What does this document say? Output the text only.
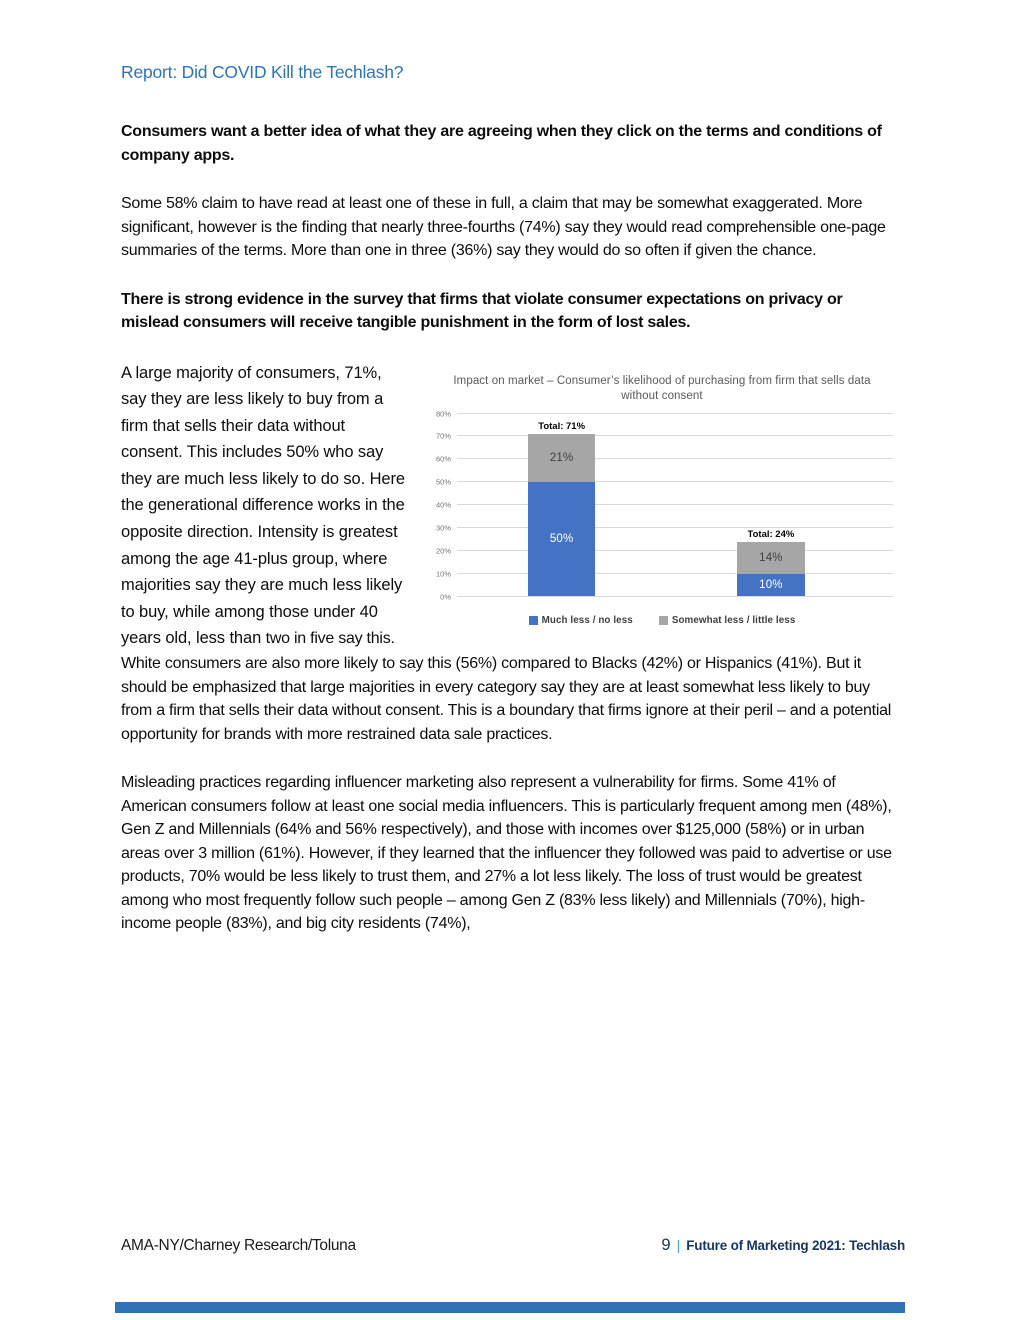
Report: Did COVID Kill the Techlash?

Consumers want a better idea of what they are agreeing when they click on the terms and conditions of company apps.

Some 58% claim to have read at least one of these in full, a claim that may be somewhat exaggerated. More significant, however is the finding that nearly three-fourths (74%) say they would read comprehensible one-page summaries of the terms. More than one in three (36%) say they would do so often if given the chance.

There is strong evidence in the survey that firms that violate consumer expectations on privacy or mislead consumers will receive tangible punishment in the form of lost sales.

Impact on market – Consumer’s likelihood of purchasing from firm that sells data without consent
0%
10%
20%
30%
40%
50%
60%
70%
80%
21%
50%
Total: 71%
14%
10%
Total: 24%
Much less / no less	Somewhat less / little less

A large majority of consumers, 71%, say they are less likely to buy from a firm that sells their data without consent. This includes 50% who say they are much less likely to do so. Here the generational difference works in the opposite direction. Intensity is greatest among the age 41-plus group, where majorities say they are much less likely to buy, while among those under 40 years old, less than two in five say this. White consumers are also more likely to say this (56%) compared to Blacks (42%) or Hispanics (41%). But it should be emphasized that large majorities in every category say they are at least somewhat less likely to buy from a firm that sells their data without consent. This is a boundary that firms ignore at their peril – and a potential opportunity for brands with more restrained data sale practices.

Misleading practices regarding influencer marketing also represent a vulnerability for firms. Some 41% of American consumers follow at least one social media influencers. This is particularly frequent among men (48%), Gen Z and Millennials (64% and 56% respectively), and those with incomes over $125,000 (58%) or in urban areas over 3 million (61%). However, if they learned that the influencer they followed was paid to advertise or use products, 70% would be less likely to trust them, and 27% a lot less likely. The loss of trust would be greatest among who most frequently follow such people – among Gen Z (83% less likely) and Millennials (70%), high-income people (83%), and big city residents (74%),

AMA-NY/Charney Research/Toluna	9 | Future of Marketing 2021: Techlash
